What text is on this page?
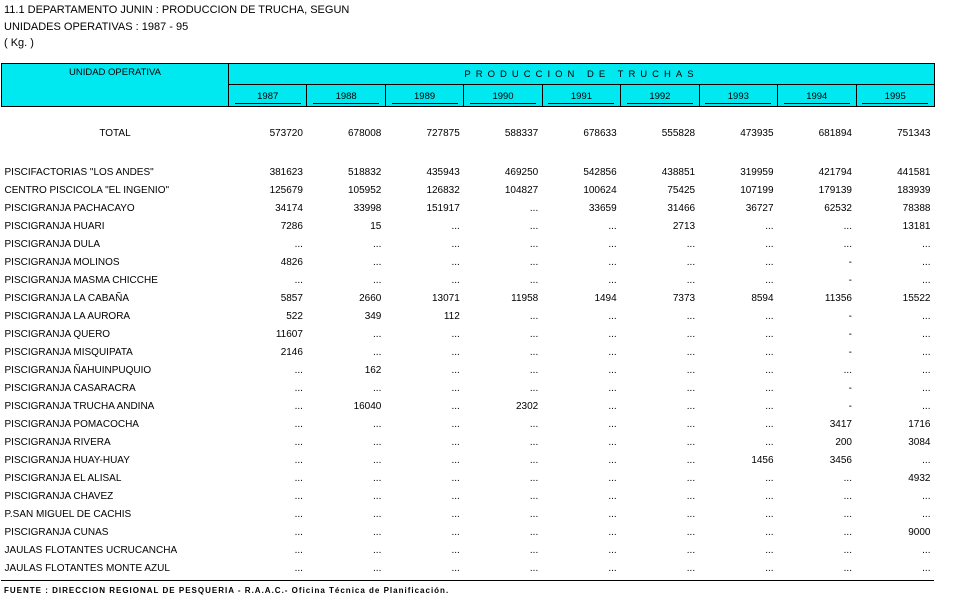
11.1 DEPARTAMENTO JUNIN : PRODUCCION DE TRUCHA, SEGUN
UNIDADES OPERATIVAS : 1987 - 95
( Kg. )
UNIDAD OPERATIVA	PRODUCCION DE TRUCHAS								
	1987	1988	1989	1990	1991	1992	1993	1994	1995

TOTAL	573720	678008	727875	588337	678633	555828	473935	681894	751343

PISCIFACTORIAS "LOS ANDES"	381623	518832	435943	469250	542856	438851	319959	421794	441581
CENTRO PISCICOLA "EL INGENIO"	125679	105952	126832	104827	100624	75425	107199	179139	183939
PISCIGRANJA PACHACAYO	34174	33998	151917	...	33659	31466	36727	62532	78388
PISCIGRANJA HUARI	7286	15	...	...	...	2713	...	...	13181
PISCIGRANJA DULA	...	...	...	...	...	...	...	...	...
PISCIGRANJA MOLINOS	4826	...	...	...	...	...	...	-	...
PISCIGRANJA MASMA CHICCHE	...	...	...	...	...	...	...	-	...
PISCIGRANJA LA CABAÑA	5857	2660	13071	11958	1494	7373	8594	11356	15522
PISCIGRANJA LA AURORA	522	349	112	...	...	...	...	-	...
PISCIGRANJA QUERO	11607	...	...	...	...	...	...	-	...
PISCIGRANJA MISQUIPATA	2146	...	...	...	...	...	...	-	...
PISCIGRANJA ÑAHUINPUQUIO	...	162	...	...	...	...	...	...	...
PISCIGRANJA CASARACRA	...	...	...	...	...	...	...	-	...
PISCIGRANJA TRUCHA ANDINA	...	16040	...	2302	...	...	...	-	...
PISCIGRANJA POMACOCHA	...	...	...	...	...	...	...	3417	1716
PISCIGRANJA RIVERA	...	...	...	...	...	...	...	200	3084
PISCIGRANJA HUAY-HUAY	...	...	...	...	...	...	1456	3456	...
PISCIGRANJA EL ALISAL	...	...	...	...	...	...	...	...	4932
PISCIGRANJA CHAVEZ	...	...	...	...	...	...	...	...	...
P.SAN MIGUEL DE CACHIS	...	...	...	...	...	...	...	...	...
PISCIGRANJA CUNAS	...	...	...	...	...	...	...	...	9000
JAULAS FLOTANTES UCRUCANCHA	...	...	...	...	...	...	...	...	...
JAULAS FLOTANTES MONTE AZUL	...	...	...	...	...	...	...	...	...
FUENTE : DIRECCION REGIONAL DE PESQUERIA - R.A.A.C.- Oficina Técnica de Planificación.
